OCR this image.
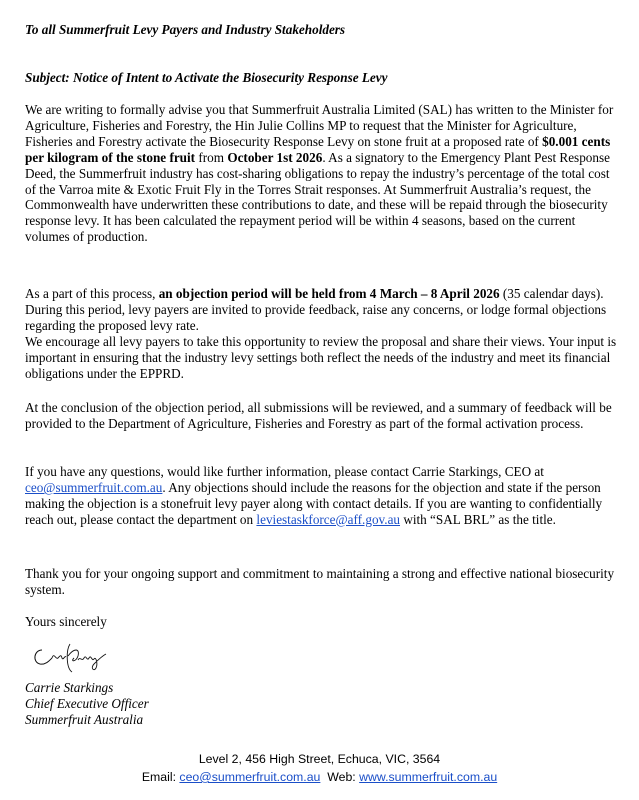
To all Summerfruit Levy Payers and Industry Stakeholders
Subject: Notice of Intent to Activate the Biosecurity Response Levy
We are writing to formally advise you that Summerfruit Australia Limited (SAL) has written to the Minister for Agriculture, Fisheries and Forestry, the Hin Julie Collins MP to request that the Minister for Agriculture, Fisheries and Forestry activate the Biosecurity Response Levy on stone fruit at a proposed rate of $0.001 cents per kilogram of the stone fruit from October 1st 2026. As a signatory to the Emergency Plant Pest Response Deed, the Summerfruit industry has cost-sharing obligations to repay the industry’s percentage of the total cost of the Varroa mite & Exotic Fruit Fly in the Torres Strait responses. At Summerfruit Australia’s request, the Commonwealth have underwritten these contributions to date, and these will be repaid through the biosecurity response levy. It has been calculated the repayment period will be within 4 seasons, based on the current volumes of production.
As a part of this process, an objection period will be held from 4 March – 8 April 2026 (35 calendar days). During this period, levy payers are invited to provide feedback, raise any concerns, or lodge formal objections regarding the proposed levy rate.
We encourage all levy payers to take this opportunity to review the proposal and share their views. Your input is important in ensuring that the industry levy settings both reflect the needs of the industry and meet its financial obligations under the EPPRD.
At the conclusion of the objection period, all submissions will be reviewed, and a summary of feedback will be provided to the Department of Agriculture, Fisheries and Forestry as part of the formal activation process.
If you have any questions, would like further information, please contact Carrie Starkings, CEO at ceo@summerfruit.com.au. Any objections should include the reasons for the objection and state if the person making the objection is a stonefruit levy payer along with contact details. If you are wanting to confidentially reach out, please contact the department on leviestaskforce@aff.gov.au with “SAL BRL” as the title.
Thank you for your ongoing support and commitment to maintaining a strong and effective national biosecurity system.
Yours sincerely
Carrie Starkings
Chief Executive Officer
Summerfruit Australia
Level 2, 456 High Street, Echuca, VIC, 3564
Email: ceo@summerfruit.com.au Web: www.summerfruit.com.au
